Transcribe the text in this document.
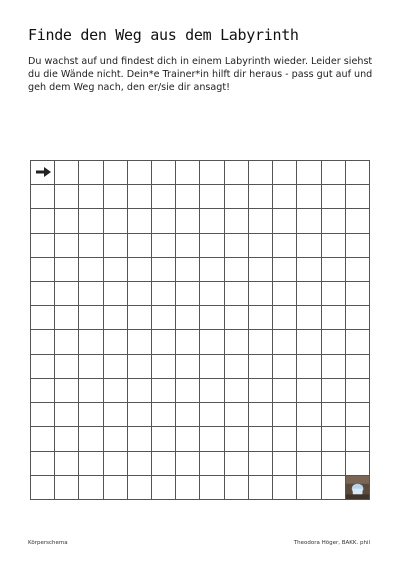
Finde den Weg aus dem Labyrinth
Du wachst auf und findest dich in einem Labyrinth wieder. Leider siehst du die Wände nicht. Dein*e Trainer*in hilft dir heraus - pass gut auf und geh dem Weg nach, den er/sie dir ansagt!
Körperschema	Theodora Höger, BAKK. phil
